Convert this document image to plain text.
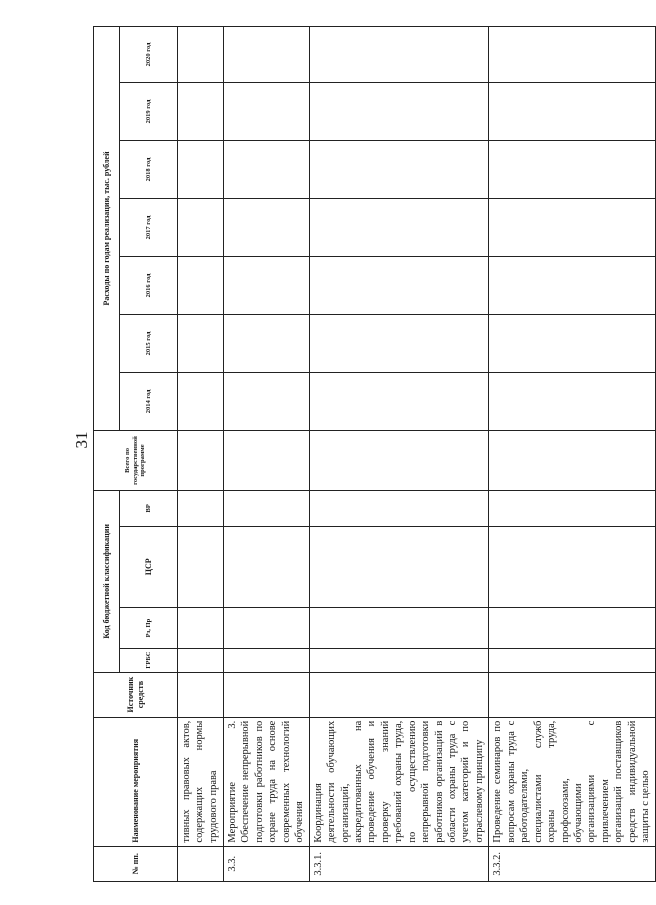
31
№ пп.	Наименование мероприятия	Источник средств	Код бюджетной классификации				Всего по государственной программе	Расходы по годам реализации, тыс. рублей						
			ГРБС	Рз, Пр	ЦСР	ВР		2014 год	2015 год	2016 год	2017 год	2018 год	2019 год	2020 год
	тивных правовых актов, содержащих нормы трудового права													
3.3.	Мероприятие 3. Обеспечение непрерывной подготовки работников по охране труда на основе современных технологий обучения													
3.3.1.	Координация деятельности обучающих организаций, аккредитованных на проведение обучения и проверку знаний требований охраны труда, по осуществлению непрерывной подготовки работников организаций в области охраны труда с учетом категорий и по отраслевому принципу													
3.3.2.	Проведение семинаров по вопросам охраны труда с работодателями, специалистами служб охраны труда, профсоюзами, обучающими организациями с привлечением организаций поставщиков средств индивидуальной защиты с целью													
